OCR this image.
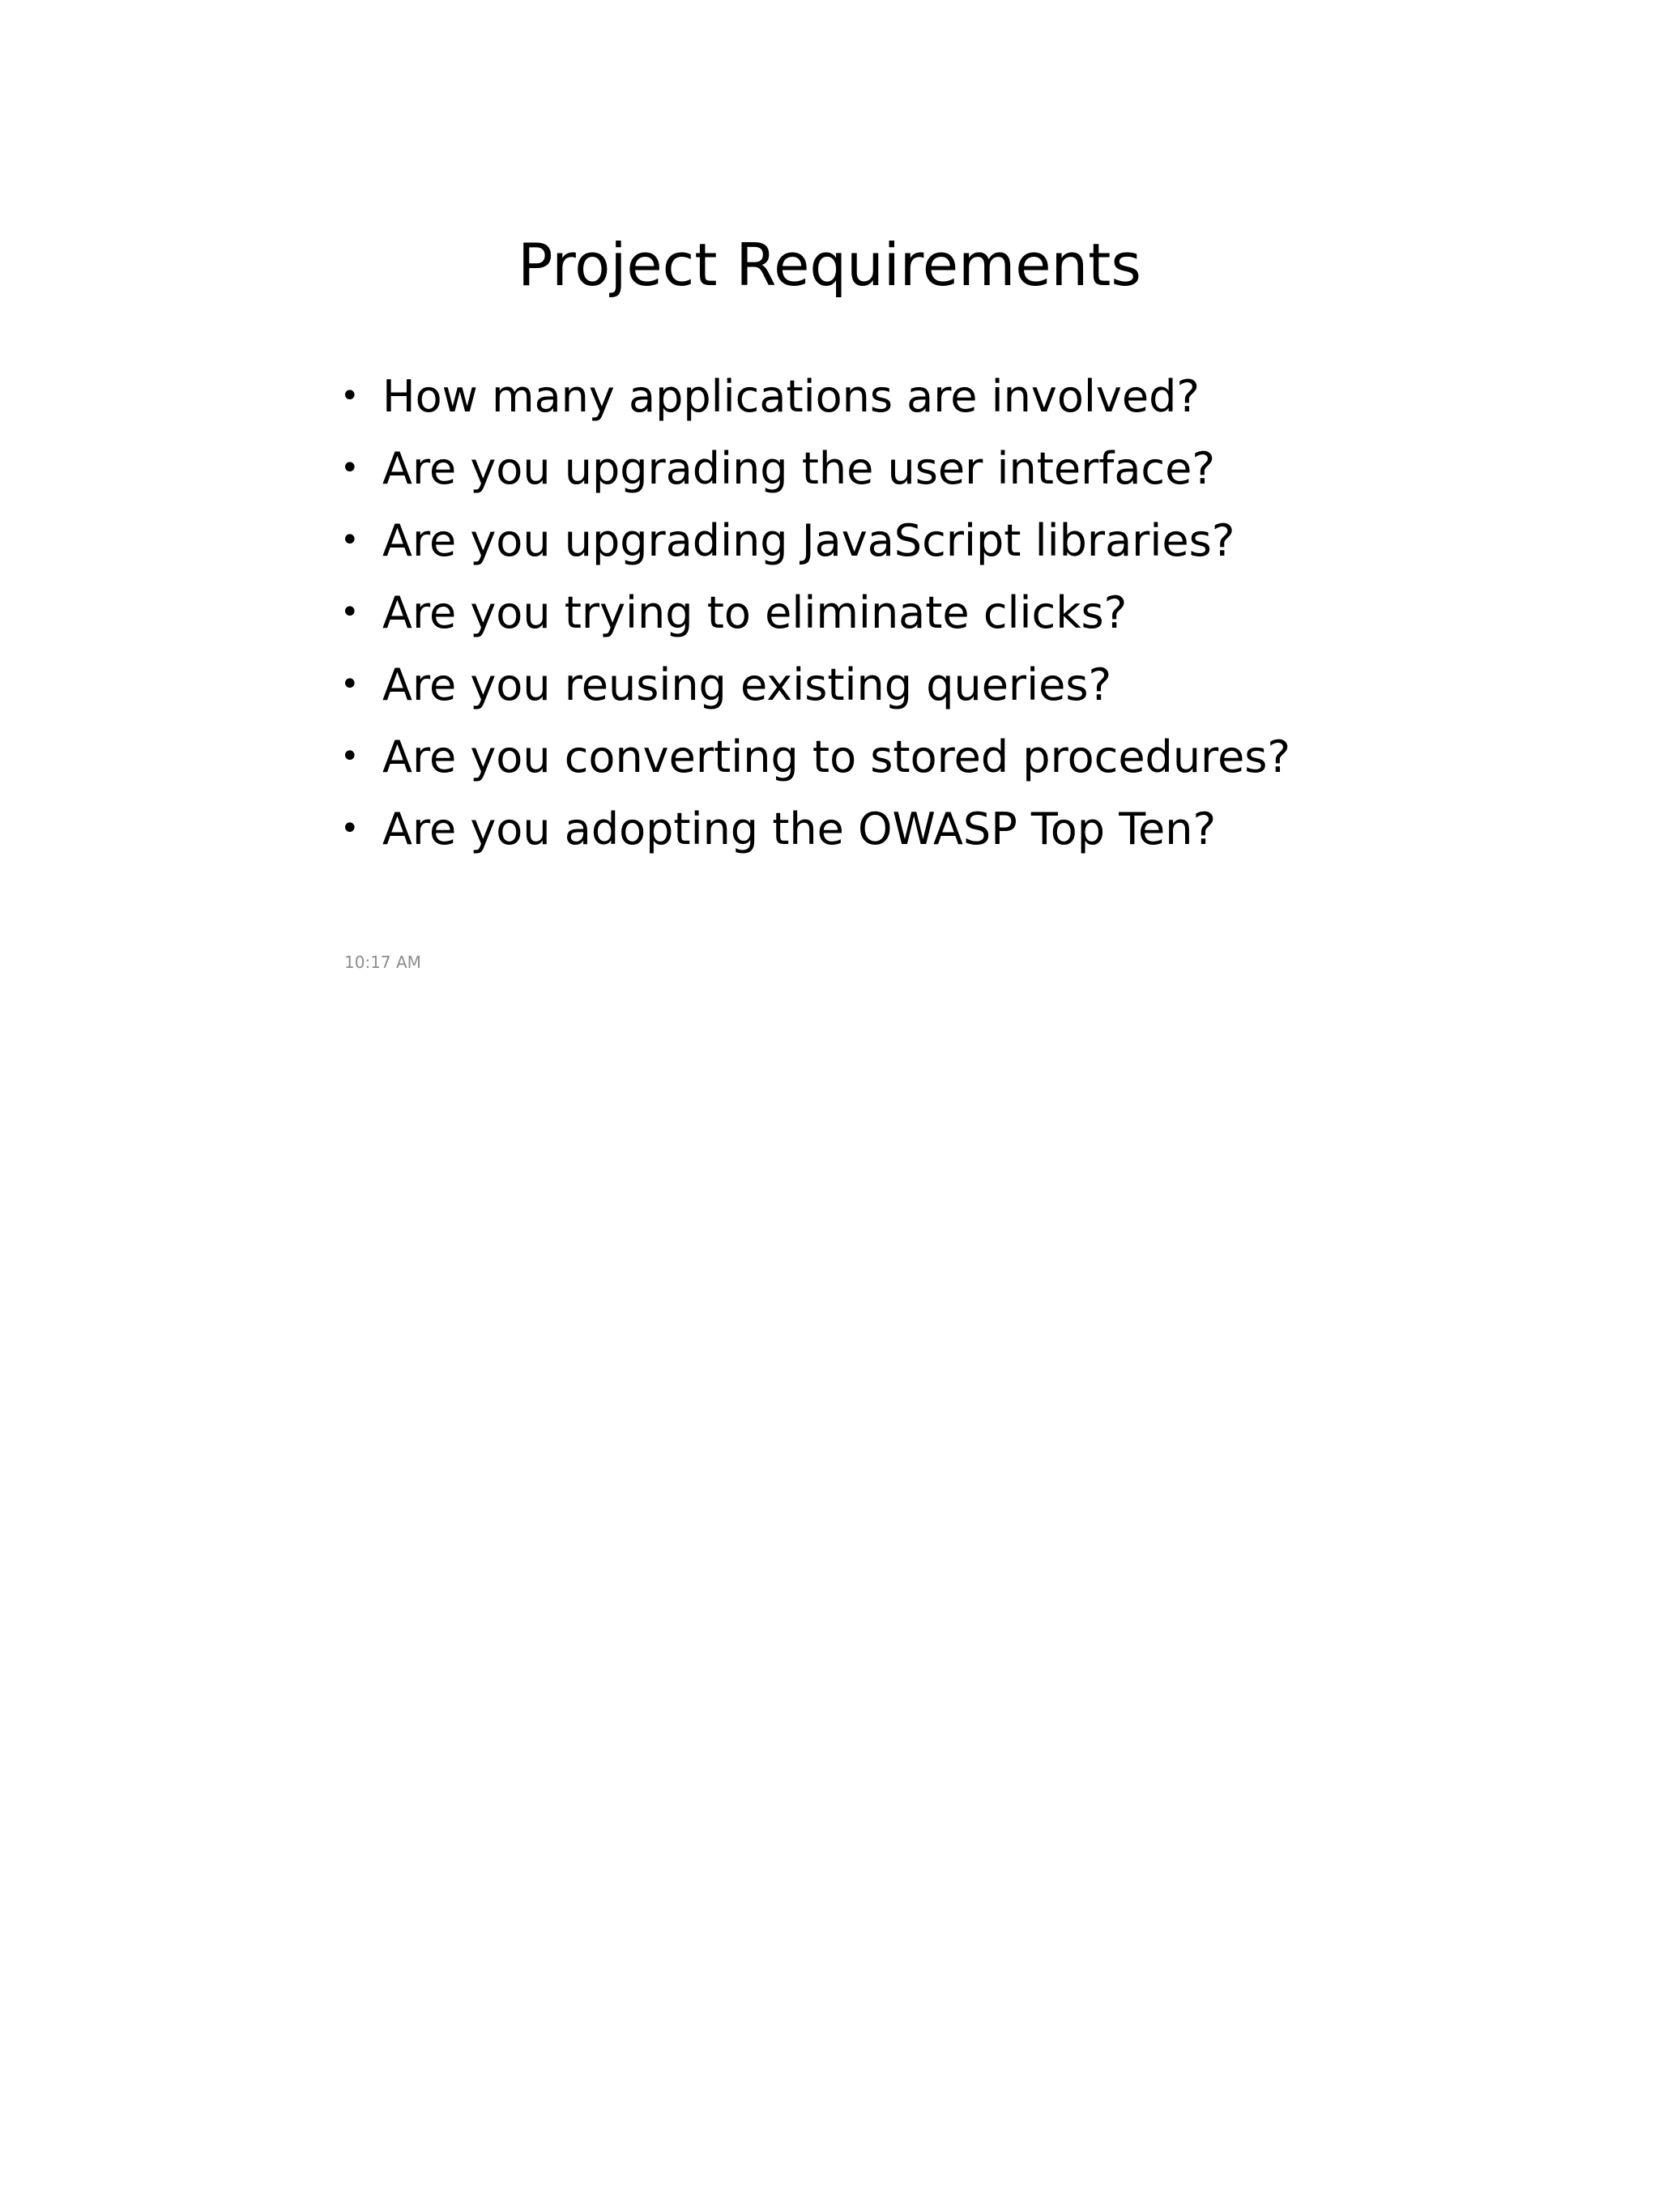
Project Requirements
• How many applications are involved?
• Are you upgrading the user interface?
• Are you upgrading JavaScript libraries?
• Are you trying to eliminate clicks?
• Are you reusing existing queries?
• Are you converting to stored procedures?
• Are you adopting the OWASP Top Ten?
10:17 AM
